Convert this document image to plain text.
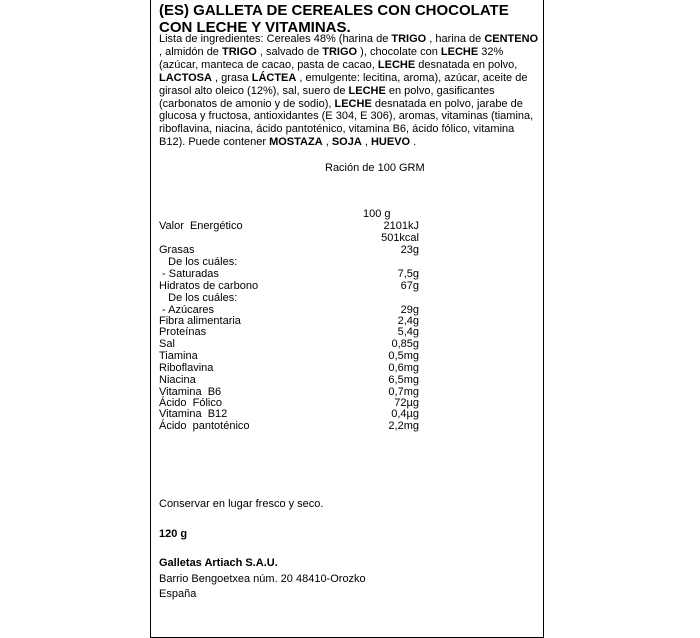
(ES) GALLETA DE CEREALES CON CHOCOLATE CON LECHE Y VITAMINAS.
Lista de ingredientes: Cereales 48% (harina de TRIGO , harina de CENTENO , almidón de TRIGO , salvado de TRIGO ), chocolate con LECHE 32% (azúcar, manteca de cacao, pasta de cacao, LECHE desnatada en polvo, LACTOSA , grasa LÁCTEA , emulgente: lecitina, aroma), azúcar, aceite de girasol alto oleico (12%), sal, suero de LECHE en polvo, gasificantes (carbonatos de amonio y de sodio), LECHE desnatada en polvo, jarabe de glucosa y fructosa, antioxidantes (E 304, E 306), aromas, vitaminas (tiamina, riboflavina, niacina, ácido pantoténico, vitamina B6, ácido fólico, vitamina B12). Puede contener MOSTAZA , SOJA , HUEVO .
Ración de 100 GRM
100 g
Valor  Energético	2101kJ
501kcal
Grasas	23g
De los cuáles:
- Saturadas	7,5g
Hidratos de carbono	67g
De los cuáles:
- Azúcares	29g
Fibra alimentaria	2,4g
Proteínas	5,4g
Sal	0,85g
Tiamina	0,5mg
Riboflavina	0,6mg
Niacina	6,5mg
Vitamina  B6	0,7mg
Ácido  Fólico	72µg
Vitamina  B12	0,4µg
Ácido  pantoténico	2,2mg
Conservar en lugar fresco y seco.
120 g
Galletas Artiach S.A.U.
Barrio Bengoetxea núm. 20 48410-Orozko
España
